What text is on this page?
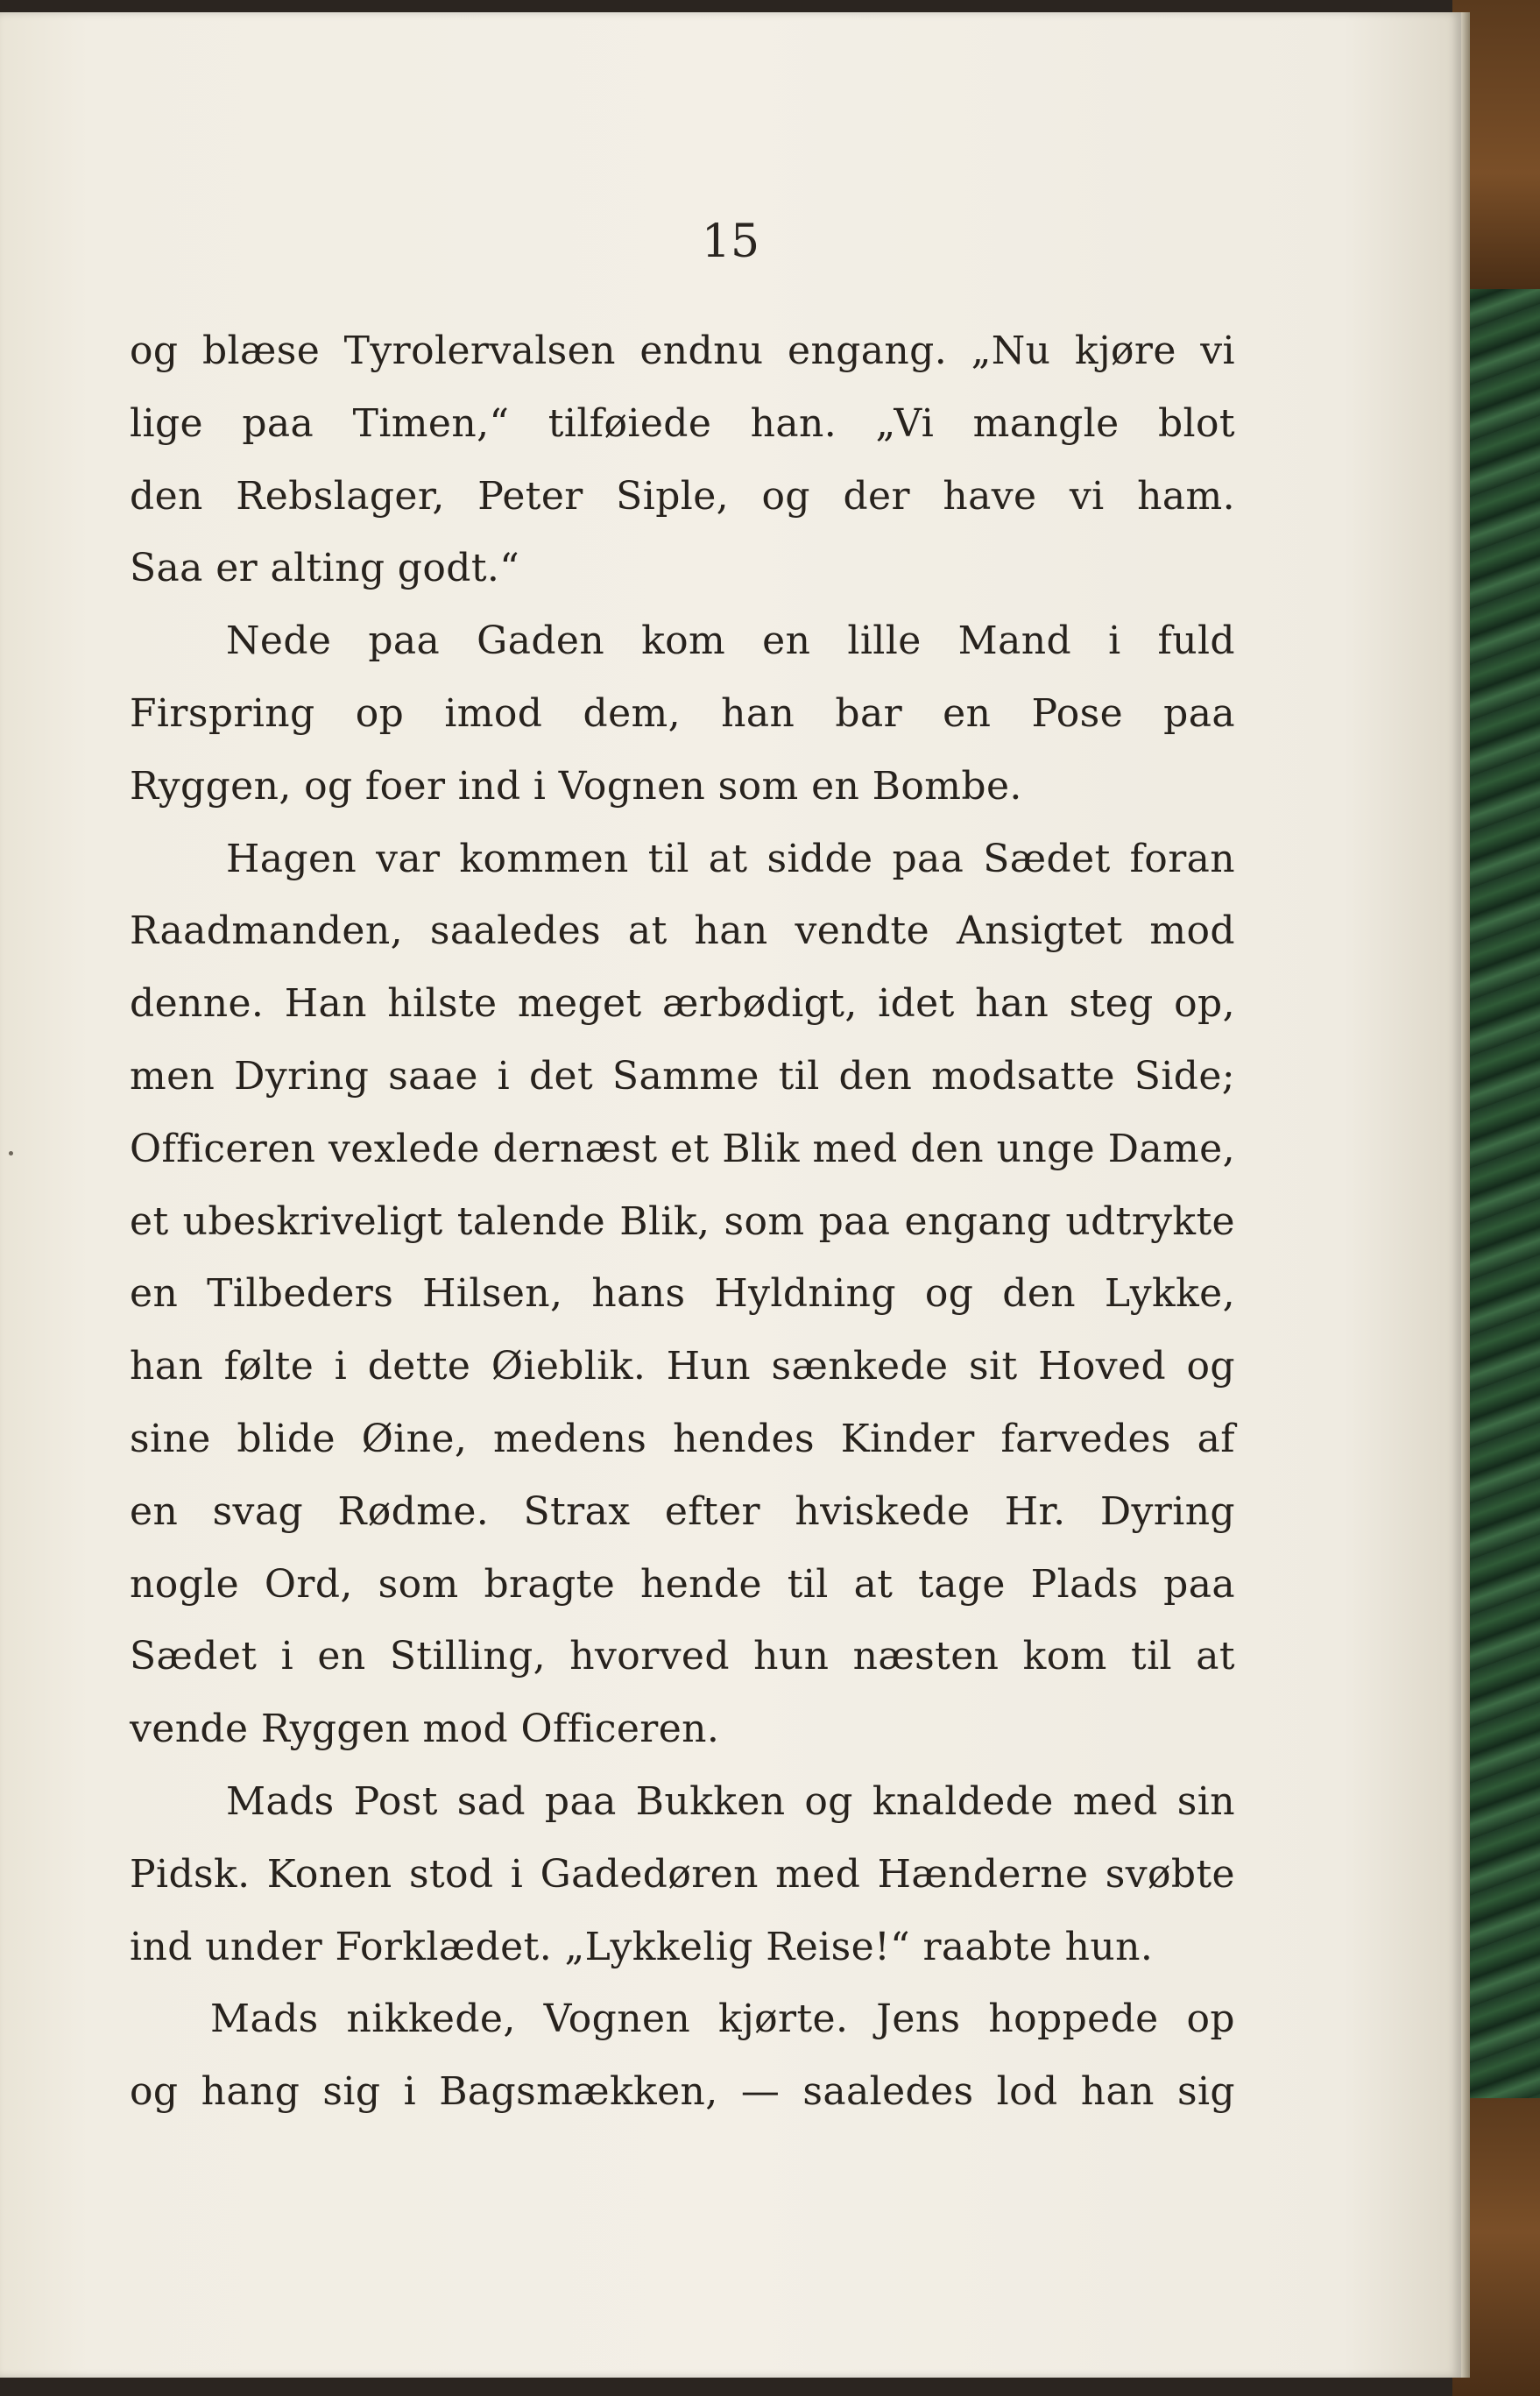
15
og blæse Tyrolervalsen endnu engang. „Nu kjøre vi
lige paa Timen,“ tilføiede han. „Vi mangle blot
den Rebslager, Peter Siple, og der have vi ham.
Saa er alting godt.“
Nede paa Gaden kom en lille Mand i fuld
Firspring op imod dem, han bar en Pose paa
Ryggen, og foer ind i Vognen som en Bombe.
Hagen var kommen til at sidde paa Sædet foran
Raadmanden, saaledes at han vendte Ansigtet mod
denne. Han hilste meget ærbødigt, idet han steg op,
men Dyring saae i det Samme til den modsatte Side;
Officeren vexlede dernæst et Blik med den unge Dame,
et ubeskriveligt talende Blik, som paa engang udtrykte
en Tilbeders Hilsen, hans Hyldning og den Lykke,
han følte i dette Øieblik. Hun sænkede sit Hoved og
sine blide Øine, medens hendes Kinder farvedes af
en svag Rødme. Strax efter hviskede Hr. Dyring
nogle Ord, som bragte hende til at tage Plads paa
Sædet i en Stilling, hvorved hun næsten kom til at
vende Ryggen mod Officeren.
Mads Post sad paa Bukken og knaldede med sin
Pidsk. Konen stod i Gadedøren med Hænderne svøbte
ind under Forklædet. „Lykkelig Reise!“ raabte hun.
Mads nikkede, Vognen kjørte. Jens hoppede op
og hang sig i Bagsmækken, — saaledes lod han sig
